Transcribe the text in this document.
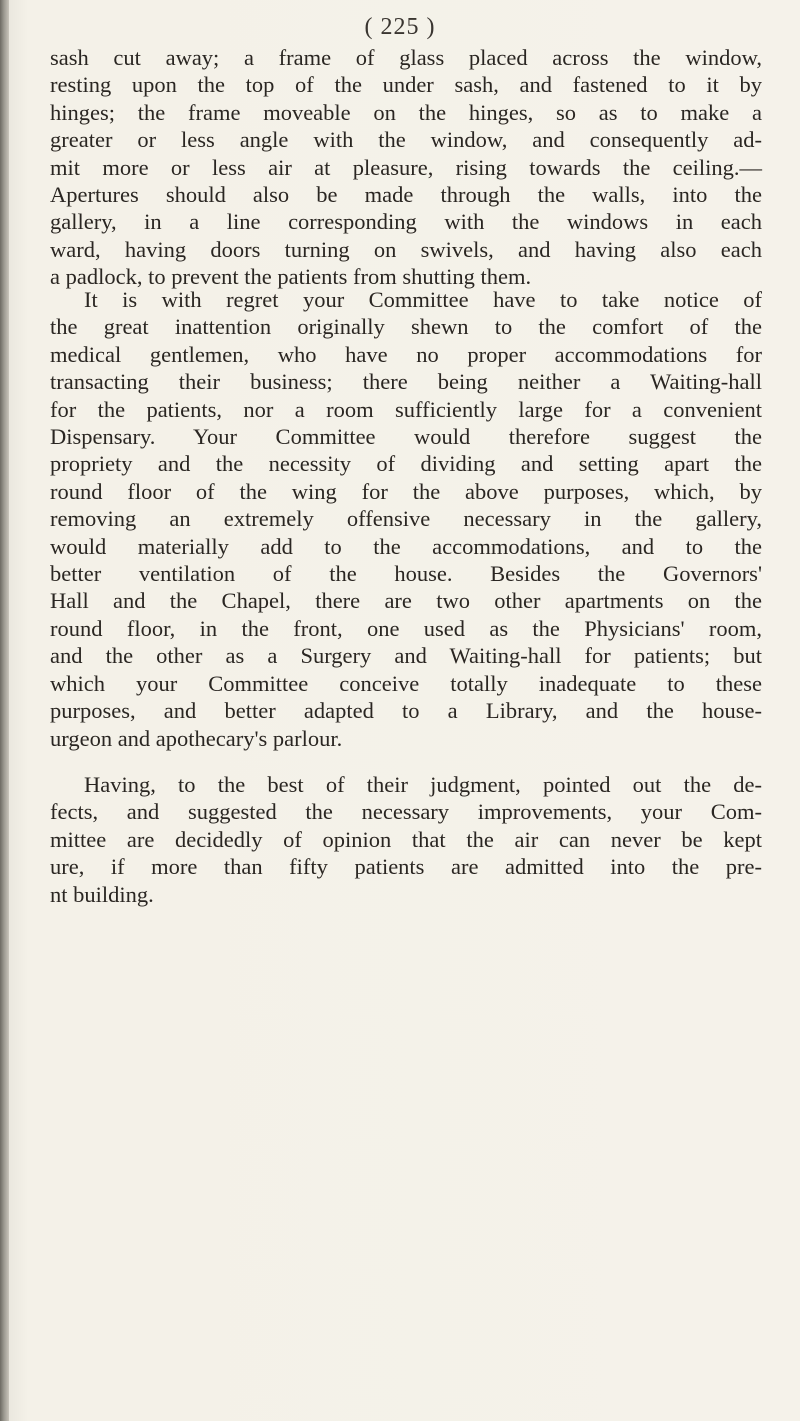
( 225 )
sash cut away; a frame of glass placed across the window,
resting upon the top of the under sash, and fastened to it by
hinges; the frame moveable on the hinges, so as to make a
greater or less angle with the window, and consequently ad-
mit more or less air at pleasure, rising towards the ceiling.—
Apertures should also be made through the walls, into the
gallery, in a line corresponding with the windows in each
ward, having doors turning on swivels, and having also each
a padlock, to prevent the patients from shutting them.
It is with regret your Committee have to take notice of
the great inattention originally shewn to the comfort of the
medical gentlemen, who have no proper accommodations for
transacting their business; there being neither a Waiting-hall
for the patients, nor a room sufficiently large for a convenient
Dispensary. Your Committee would therefore suggest the
propriety and the necessity of dividing and setting apart the
round floor of the wing for the above purposes, which, by
removing an extremely offensive necessary in the gallery,
would materially add to the accommodations, and to the
better ventilation of the house. Besides the Governors'
Hall and the Chapel, there are two other apartments on the
round floor, in the front, one used as the Physicians' room,
and the other as a Surgery and Waiting-hall for patients; but
which your Committee conceive totally inadequate to these
purposes, and better adapted to a Library, and the house-
urgeon and apothecary's parlour.
Having, to the best of their judgment, pointed out the de-
fects, and suggested the necessary improvements, your Com-
mittee are decidedly of opinion that the air can never be kept
ure, if more than fifty patients are admitted into the pre-
nt building.
